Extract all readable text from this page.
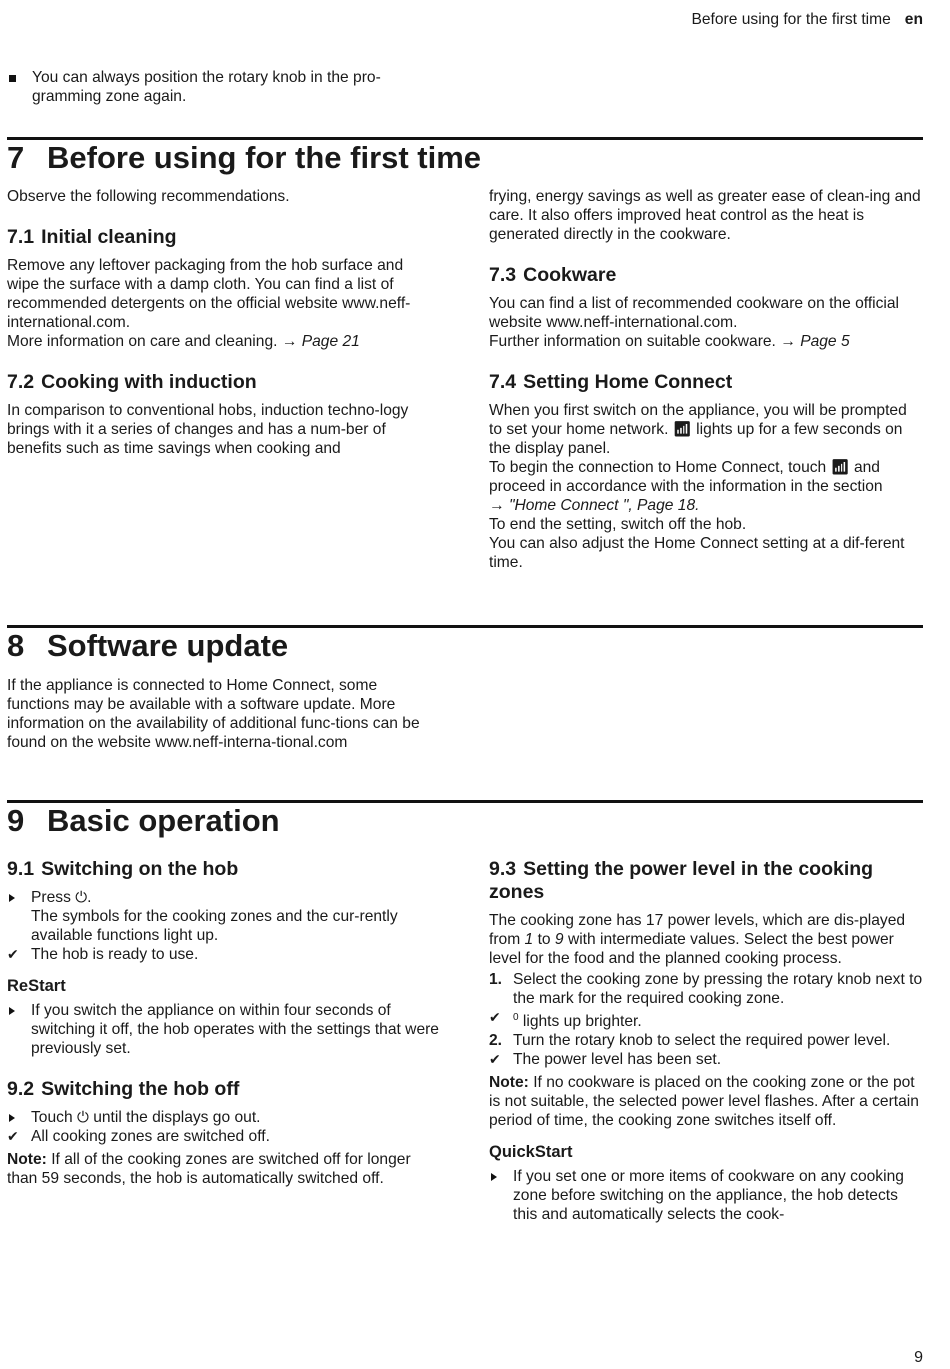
Before using for the first time en
You can always position the rotary knob in the pro-gramming zone again.
7 Before using for the first time

Observe the following recommendations.

7.1 Initial cleaning

Remove any leftover packaging from the hob surface and wipe the surface with a damp cloth. You can find a list of recommended detergents on the official website www.neff-international.com.

More information on care and cleaning. → Page 21

7.2 Cooking with induction

In comparison to conventional hobs, induction techno-logy brings with it a series of changes and has a num-ber of benefits such as time savings when cooking and

frying, energy savings as well as greater ease of clean-ing and care. It also offers improved heat control as the heat is generated directly in the cookware.

7.3 Cookware

You can find a list of recommended cookware on the official website www.neff-international.com.

Further information on suitable cookware. → Page 5

7.4 Setting Home Connect

When you first switch on the appliance, you will be prompted to set your home network. 📶︎ lights up for a few seconds on the display panel.

To begin the connection to Home Connect, touch 📶︎ and proceed in accordance with the information in the section

→ "Home Connect ", Page 18.

To end the setting, switch off the hob.

You can also adjust the Home Connect setting at a dif-ferent time.

8 Software update

If the appliance is connected to Home Connect, some functions may be available with a software update. More information on the availability of additional func-tions can be found on the website www.neff-interna-tional.com

9 Basic operation
9.1 Switching on the hob
Press ⏻.
The symbols for the cooking zones and the cur-rently available functions light up.
✔ The hob is ready to use.
ReStart
If you switch the appliance on within four seconds of switching it off, the hob operates with the settings that were previously set.
9.2 Switching the hob off
Touch ⏻ until the displays go out.
✔ All cooking zones are switched off.

Note: If all of the cooking zones are switched off for longer than 59 seconds, the hob is automatically switched off.

9.3 Setting the power level in the cooking zones

The cooking zone has 17 power levels, which are dis-played from 1 to 9 with intermediate values. Select the best power level for the food and the planned cooking process.

1. Select the cooking zone by pressing the rotary knob next to the mark for the required cooking zone.
✔	$^0$ lights up brighter.
2. Turn the rotary knob to select the required power level.
✔ The power level has been set.

Note: If no cookware is placed on the cooking zone or the pot is not suitable, the selected power level flashes. After a certain period of time, the cooking zone switches itself off.

QuickStart
If you set one or more items of cookware on any cooking zone before switching on the appliance, the hob detects this and automatically selects the cook-
9
